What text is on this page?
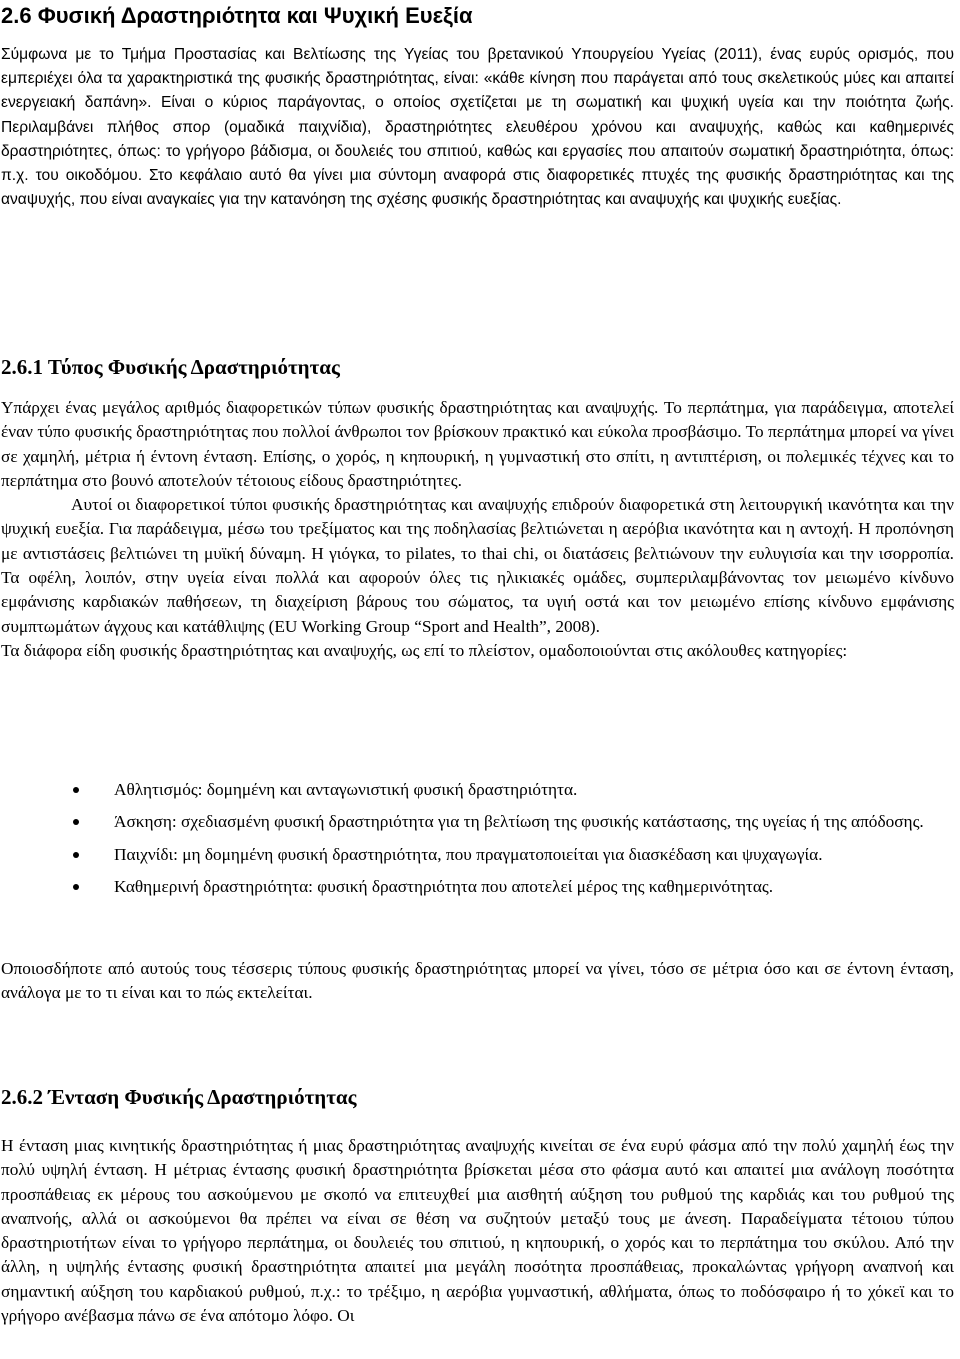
2.6 Φυσική Δραστηριότητα και Ψυχική Ευεξία

Σύμφωνα με το Τμήμα Προστασίας και Βελτίωσης της Υγείας του βρετανικού Υπουργείου Υγείας (2011), ένας ευρύς ορισμός, που εμπεριέχει όλα τα χαρακτηριστικά της φυσικής δραστηριότητας, είναι: «κάθε κίνηση που παράγεται από τους σκελετικούς μύες και απαιτεί ενεργειακή δαπάνη». Είναι ο κύριος παράγοντας, ο οποίος σχετίζεται με τη σωματική και ψυχική υγεία και την ποιότητα ζωής. Περιλαμβάνει πλήθος σπορ (ομαδικά παιχνίδια), δραστηριότητες ελευθέρου χρόνου και αναψυχής, καθώς και καθημερινές δραστηριότητες, όπως: το γρήγορο βάδισμα, οι δουλειές του σπιτιού, καθώς και εργασίες που απαιτούν σωματική δραστηριότητα, όπως: π.χ. του οικοδόμου. Στο κεφάλαιο αυτό θα γίνει μια σύντομη αναφορά στις διαφορετικές πτυχές της φυσικής δραστηριότητας και της αναψυχής, που είναι αναγκαίες για την κατανόηση της σχέσης φυσικής δραστηριότητας και αναψυχής και ψυχικής ευεξίας.

2.6.1 Τύπος Φυσικής Δραστηριότητας

Υπάρχει ένας μεγάλος αριθμός διαφορετικών τύπων φυσικής δραστηριότητας και αναψυχής. Το περπάτημα, για παράδειγμα, αποτελεί έναν τύπο φυσικής δραστηριότητας που πολλοί άνθρωποι τον βρίσκουν πρακτικό και εύκολα προσβάσιμο. Το περπάτημα μπορεί να γίνει σε χαμηλή, μέτρια ή έντονη ένταση. Επίσης, ο χορός, η κηπουρική, η γυμναστική στο σπίτι, η αντιπτέριση, οι πολεμικές τέχνες και το περπάτημα στο βουνό αποτελούν τέτοιους είδους δραστηριότητες.

Αυτοί οι διαφορετικοί τύποι φυσικής δραστηριότητας και αναψυχής επιδρούν διαφορετικά στη λειτουργική ικανότητα και την ψυχική ευεξία. Για παράδειγμα, μέσω του τρεξίματος και της ποδηλασίας βελτιώνεται η αερόβια ικανότητα και η αντοχή. Η προπόνηση με αντιστάσεις βελτιώνει τη μυϊκή δύναμη. Η γιόγκα, το pilates, το thai chi, οι διατάσεις βελτιώνουν την ευλυγισία και την ισορροπία. Τα οφέλη, λοιπόν, στην υγεία είναι πολλά και αφορούν όλες τις ηλικιακές ομάδες, συμπεριλαμβάνοντας τον μειωμένο κίνδυνο εμφάνισης καρδιακών παθήσεων, τη διαχείριση βάρους του σώματος, τα υγιή οστά και τον μειωμένο επίσης κίνδυνο εμφάνισης συμπτωμάτων άγχους και κατάθλιψης (EU Working Group “Sport and Health”, 2008).

Τα διάφορα είδη φυσικής δραστηριότητας και αναψυχής, ως επί το πλείστον, ομαδοποιούνται στις ακόλουθες κατηγορίες:

Αθλητισμός: δομημένη και ανταγωνιστική φυσική δραστηριότητα.
Άσκηση: σχεδιασμένη φυσική δραστηριότητα για τη βελτίωση της φυσικής κατάστασης, της υγείας ή της απόδοσης.
Παιχνίδι: μη δομημένη φυσική δραστηριότητα, που πραγματοποιείται για διασκέδαση και ψυχαγωγία.
Καθημερινή δραστηριότητα: φυσική δραστηριότητα που αποτελεί μέρος της καθημερινότητας.

Οποιοσδήποτε από αυτούς τους τέσσερις τύπους φυσικής δραστηριότητας μπορεί να γίνει, τόσο σε μέτρια όσο και σε έντονη ένταση, ανάλογα με το τι είναι και το πώς εκτελείται.

2.6.2 Ένταση Φυσικής Δραστηριότητας

Η ένταση μιας κινητικής δραστηριότητας ή μιας δραστηριότητας αναψυχής κινείται σε ένα ευρύ φάσμα από την πολύ χαμηλή έως την πολύ υψηλή ένταση. Η μέτριας έντασης φυσική δραστηριότητα βρίσκεται μέσα στο φάσμα αυτό και απαιτεί μια ανάλογη ποσότητα προσπάθειας εκ μέρους του ασκούμενου με σκοπό να επιτευχθεί μια αισθητή αύξηση του ρυθμού της καρδιάς και του ρυθμού της αναπνοής, αλλά οι ασκούμενοι θα πρέπει να είναι σε θέση να συζητούν μεταξύ τους με άνεση. Παραδείγματα τέτοιου τύπου δραστηριοτήτων είναι το γρήγορο περπάτημα, οι δουλειές του σπιτιού, η κηπουρική, ο χορός και το περπάτημα του σκύλου. Από την άλλη, η υψηλής έντασης φυσική δραστηριότητα απαιτεί μια μεγάλη ποσότητα προσπάθειας, προκαλώντας γρήγορη αναπνοή και σημαντική αύξηση του καρδιακού ρυθμού, π.χ.: το τρέξιμο, η αερόβια γυμναστική, αθλήματα, όπως το ποδόσφαιρο ή το χόκεϊ και το γρήγορο ανέβασμα πάνω σε ένα απότομο λόφο. Οι
